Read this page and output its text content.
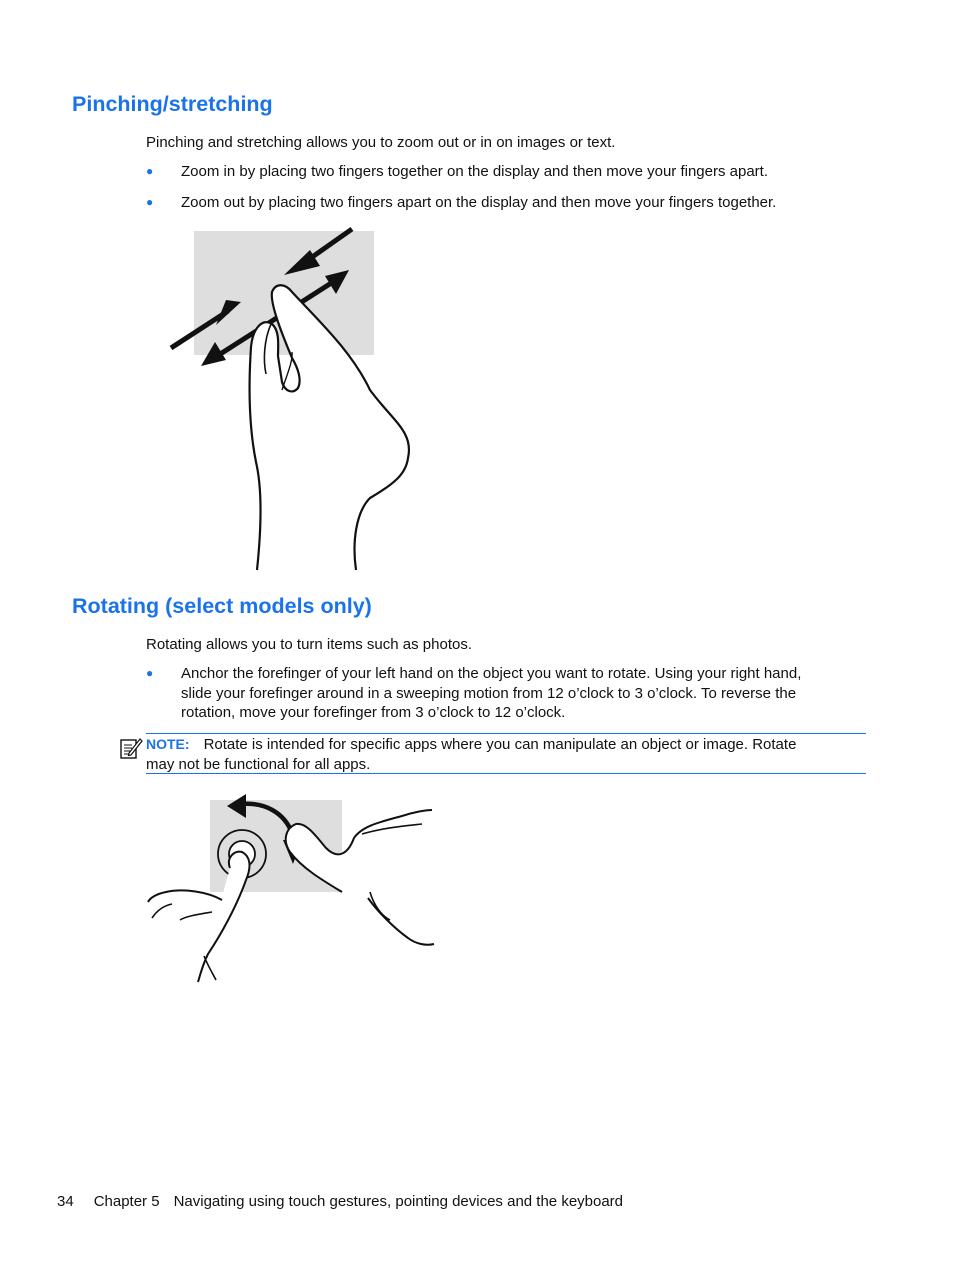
Pinching/stretching

Pinching and stretching allows you to zoom out or in on images or text.

● Zoom in by placing two fingers together on the display and then move your fingers apart.
● Zoom out by placing two fingers apart on the display and then move your fingers together.
Rotating (select models only)

Rotating allows you to turn items such as photos.

● Anchor the forefinger of your left hand on the object you want to rotate. Using your right hand,
slide your forefinger around in a sweeping motion from 12 o’clock to 3 o’clock. To reverse the
rotation, move your forefinger from 3 o’clock to 12 o’clock.
NOTE: Rotate is intended for specific apps where you can manipulate an object or image. Rotate
may not be functional for all apps.
34 Chapter 5 Navigating using touch gestures, pointing devices and the keyboard
